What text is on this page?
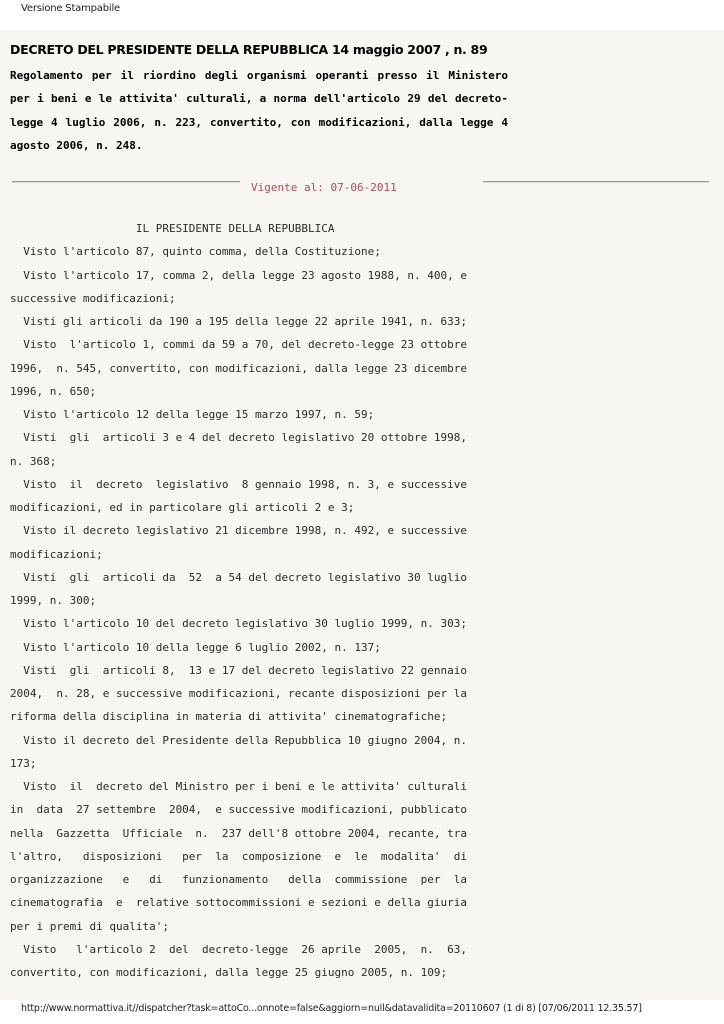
Versione Stampabile
DECRETO DEL PRESIDENTE DELLA REPUBBLICA 14 maggio 2007 , n. 89

Regolamento per il riordino degli organismi operanti presso il Ministero per i beni e le attivita' culturali, a norma dell'articolo 29 del decreto-legge 4 luglio 2006, n. 223, convertito, con modificazioni, dalla legge 4 agosto 2006, n. 248.

Vigente al: 07-06-2011
IL PRESIDENTE DELLA REPUBBLICA
Visto l'articolo 87, quinto comma, della Costituzione;
Visto l'articolo 17, comma 2, della legge 23 agosto 1988, n. 400, e
successive modificazioni;
Visti gli articoli da 190 a 195 della legge 22 aprile 1941, n. 633;
Visto  l'articolo 1, commi da 59 a 70, del decreto-legge 23 ottobre
1996,  n. 545, convertito, con modificazioni, dalla legge 23 dicembre
1996, n. 650;
Visto l'articolo 12 della legge 15 marzo 1997, n. 59;
Visti  gli  articoli 3 e 4 del decreto legislativo 20 ottobre 1998,
n. 368;
Visto  il  decreto  legislativo  8 gennaio 1998, n. 3, e successive
modificazioni, ed in particolare gli articoli 2 e 3;
Visto il decreto legislativo 21 dicembre 1998, n. 492, e successive
modificazioni;
Visti  gli  articoli da  52  a 54 del decreto legislativo 30 luglio
1999, n. 300;
Visto l'articolo 10 del decreto legislativo 30 luglio 1999, n. 303;
Visto l'articolo 10 della legge 6 luglio 2002, n. 137;
Visti  gli  articoli 8,  13 e 17 del decreto legislativo 22 gennaio
2004,  n. 28, e successive modificazioni, recante disposizioni per la
riforma della disciplina in materia di attivita' cinematografiche;
Visto il decreto del Presidente della Repubblica 10 giugno 2004, n.
173;
Visto  il  decreto del Ministro per i beni e le attivita' culturali
in  data  27 settembre  2004,  e successive modificazioni, pubblicato
nella  Gazzetta  Ufficiale  n.  237 dell'8 ottobre 2004, recante, tra
l'altro,   disposizioni   per  la  composizione  e  le  modalita'  di
organizzazione   e   di   funzionamento   della  commissione  per  la
cinematografia  e  relative sottocommissioni e sezioni e della giuria
per i premi di qualita';
Visto   l'articolo 2  del  decreto-legge  26 aprile  2005,  n.  63,
convertito, con modificazioni, dalla legge 25 giugno 2005, n. 109;
http://www.normattiva.it//dispatcher?task=attoCo...onnote=false&aggiorn=null&datavalidita=20110607 (1 di 8) [07/06/2011 12.35.57]
